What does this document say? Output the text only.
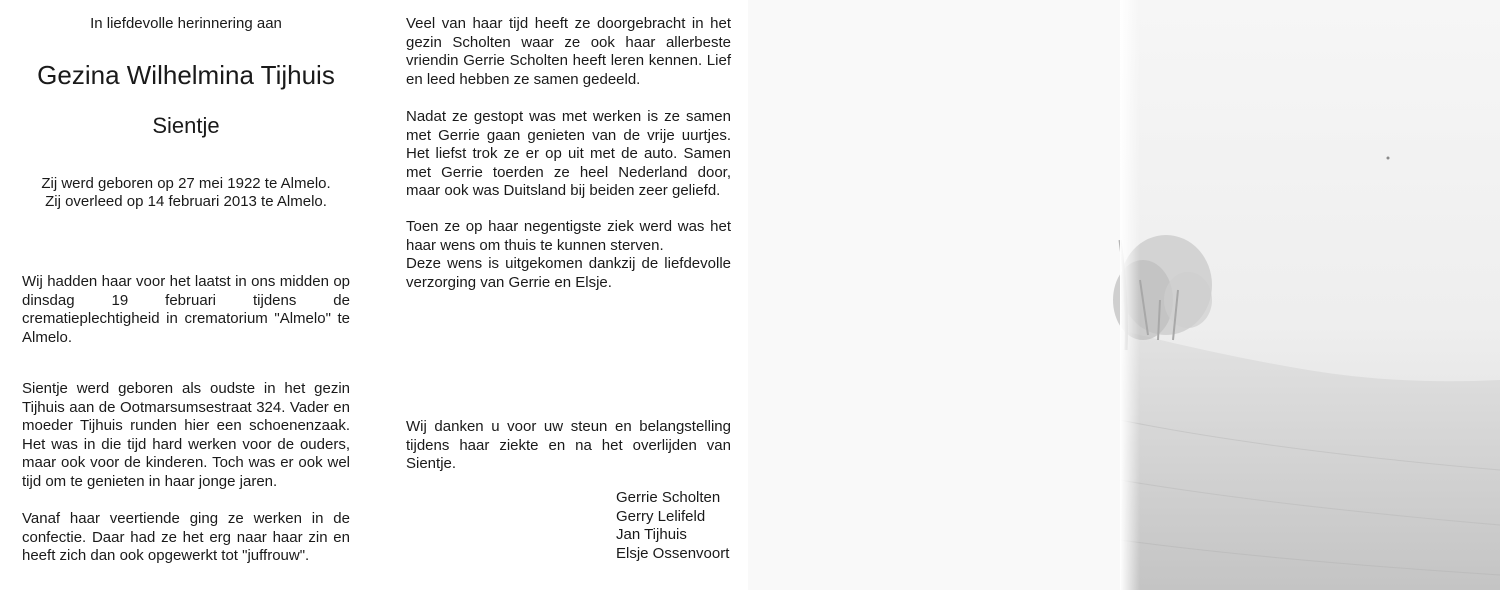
In liefdevolle herinnering aan
Gezina Wilhelmina Tijhuis
Sientje
Zij werd geboren op 27 mei 1922 te Almelo.
Zij overleed op 14 februari 2013 te Almelo.

Wij hadden haar voor het laatst in ons midden op dinsdag 19 februari tijdens de crematieplechtigheid in crematorium "Almelo" te Almelo.

Sientje werd geboren als oudste in het gezin Tijhuis aan de Ootmarsumsestraat 324. Vader en moeder Tijhuis runden hier een schoenenzaak. Het was in die tijd hard werken voor de ouders, maar ook voor de kinderen. Toch was er ook wel tijd om te genieten in haar jonge jaren.

Vanaf haar veertiende ging ze werken in de confectie. Daar had ze het erg naar haar zin en heeft zich dan ook opgewerkt tot "juffrouw".

Veel van haar tijd heeft ze doorgebracht in het gezin Scholten waar ze ook haar allerbeste vriendin Gerrie Scholten heeft leren kennen. Lief en leed hebben ze samen gedeeld.

Nadat ze gestopt was met werken is ze samen met Gerrie gaan genieten van de vrije uurtjes. Het liefst trok ze er op uit met de auto. Samen met Gerrie toerden ze heel Nederland door, maar ook was Duitsland bij beiden zeer geliefd.

Toen ze op haar negentigste ziek werd was het haar wens om thuis te kunnen sterven.

Deze wens is uitgekomen dankzij de liefdevolle verzorging van Gerrie en Elsje.

Wij danken u voor uw steun en belangstelling tijdens haar ziekte en na het overlijden van Sientje.

Gerrie Scholten
Gerry Lelifeld
Jan Tijhuis
Elsje Ossenvoort
